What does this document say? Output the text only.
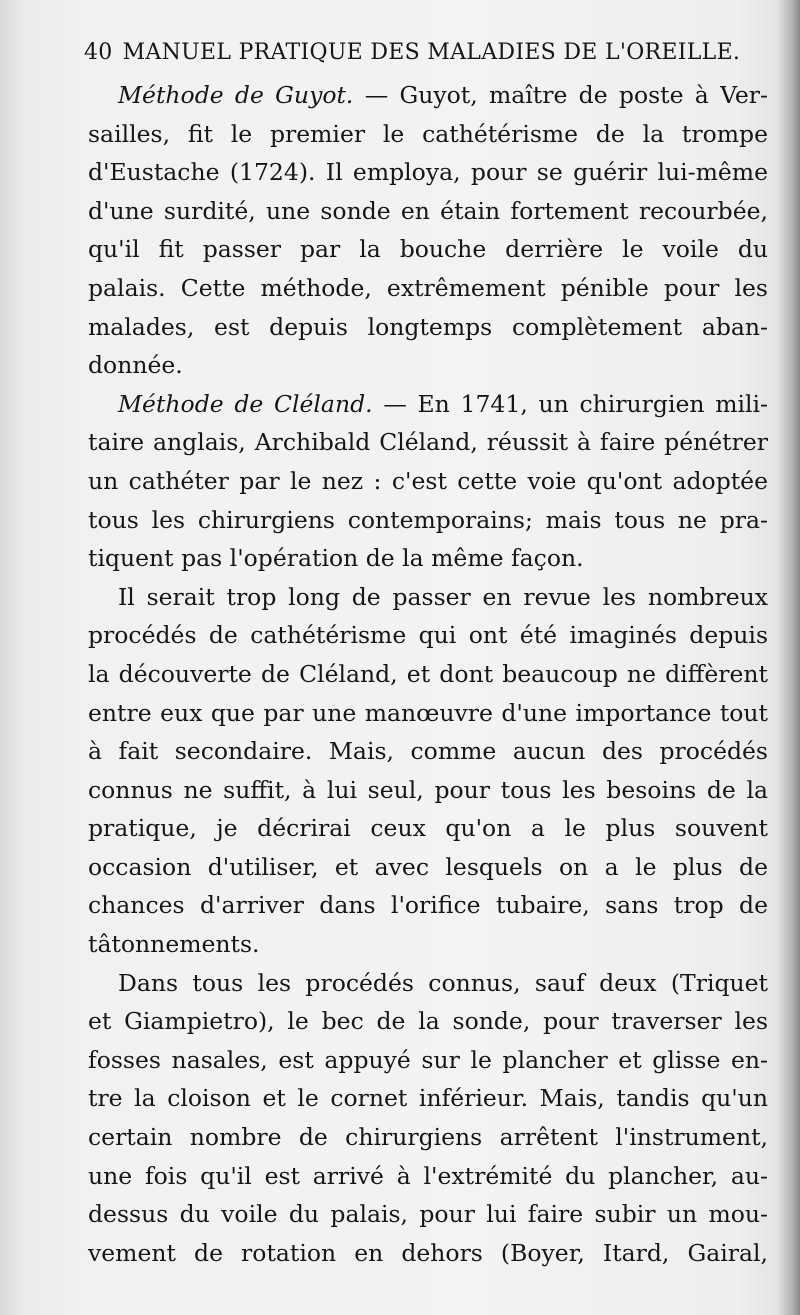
40 MANUEL PRATIQUE DES MALADIES DE L'OREILLE.
Méthode de Guyot. — Guyot, maître de poste à Ver-
sailles, fit le premier le cathétérisme de la trompe
d'Eustache (1724). Il employa, pour se guérir lui-même
d'une surdité, une sonde en étain fortement recourbée,
qu'il fit passer par la bouche derrière le voile du
palais. Cette méthode, extrêmement pénible pour les
malades, est depuis longtemps complètement aban-
donnée.
Méthode de Cléland. — En 1741, un chirurgien mili-
taire anglais, Archibald Cléland, réussit à faire pénétrer
un cathéter par le nez : c'est cette voie qu'ont adoptée
tous les chirurgiens contemporains; mais tous ne pra-
tiquent pas l'opération de la même façon.
Il serait trop long de passer en revue les nombreux
procédés de cathétérisme qui ont été imaginés depuis
la découverte de Cléland, et dont beaucoup ne diffèrent
entre eux que par une manœuvre d'une importance tout
à fait secondaire. Mais, comme aucun des procédés
connus ne suffit, à lui seul, pour tous les besoins de la
pratique, je décrirai ceux qu'on a le plus souvent
occasion d'utiliser, et avec lesquels on a le plus de
chances d'arriver dans l'orifice tubaire, sans trop de
tâtonnements.
Dans tous les procédés connus, sauf deux (Triquet
et Giampietro), le bec de la sonde, pour traverser les
fosses nasales, est appuyé sur le plancher et glisse en-
tre la cloison et le cornet inférieur. Mais, tandis qu'un
certain nombre de chirurgiens arrêtent l'instrument,
une fois qu'il est arrivé à l'extrémité du plancher, au-
dessus du voile du palais, pour lui faire subir un mou-
vement de rotation en dehors (Boyer, Itard, Gairal,
